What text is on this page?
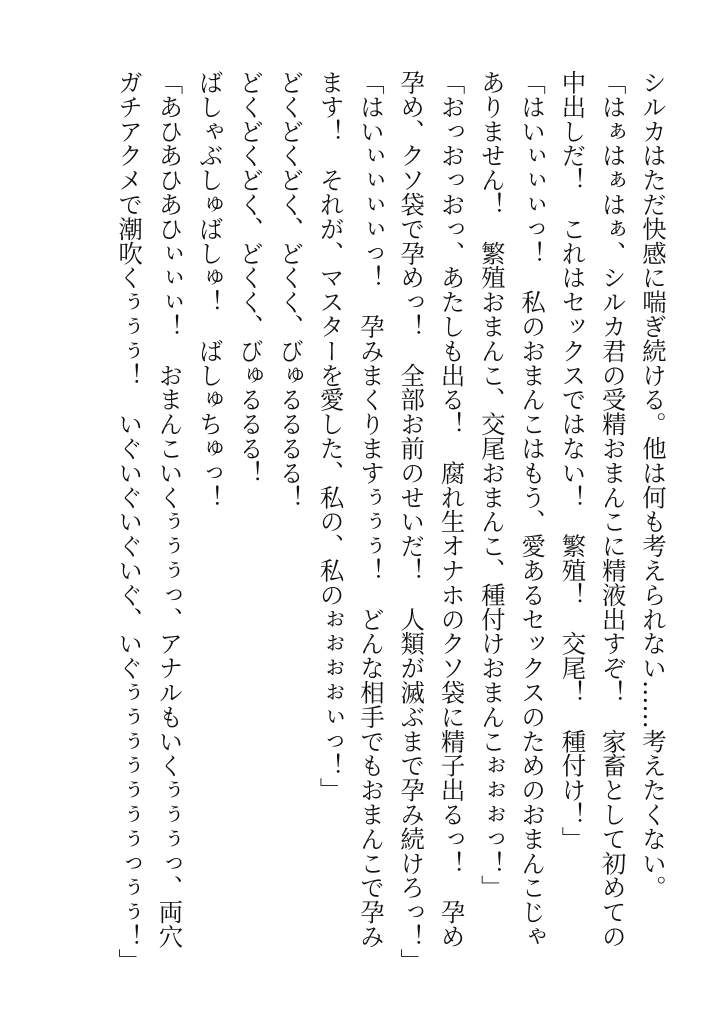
シルカはただ快感に喘ぎ続ける。他は何も考えられない……考えたくない。
「はぁはぁはぁ、シルカ君の受精おまんこに精液出すぞ！　家畜として初めての
中出しだ！　これはセックスではない！　繁殖！　交尾！　種付け！」
「はいぃぃぃっ！　私のおまんこはもう、愛あるセックスのためのおまんこじゃ
ありません！　繁殖おまんこ、交尾おまんこ、種付けおまんこぉぉぉっ！」
「おっおっおっ、あたしも出る！　腐れ生オナホのクソ袋に精子出るっ！　孕め
孕め、クソ袋で孕めっ！　全部お前のせいだ！　人類が滅ぶまで孕み続けろっ！」
「はいぃぃぃぃっ！　孕みまくりますぅぅぅ！　どんな相手でもおまんこで孕み
ます！　それが、マスターを愛した、私の、私のぉぉぉぉぃっ！」
どくどくどく、どくく、びゅるるるる！
どくどくどく、どくく、びゅるるる！
ばしゃぶしゅばしゅ！　ばしゅちゅっ！
「あひあひあひぃぃぃ！　おまんこいくぅぅぅっ、アナルもいくぅぅぅっ、両穴
ガチアクメで潮吹くぅぅぅ！　いぐいぐいぐいぐ、いぐぅぅぅぅぅぅぅっぅぅ！」
